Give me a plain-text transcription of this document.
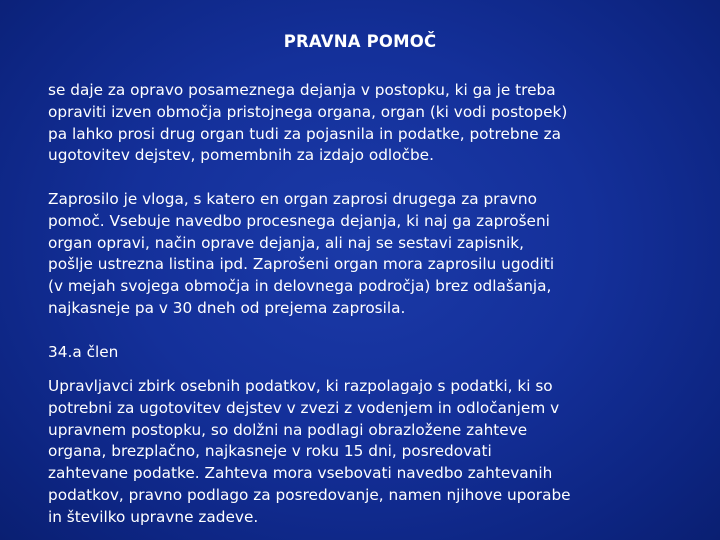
PRAVNA POMOČ
se daje za opravo posameznega dejanja v postopku, ki ga je treba
opraviti izven območja pristojnega organa, organ (ki vodi postopek)
pa lahko prosi drug organ tudi za pojasnila in podatke, potrebne za
ugotovitev dejstev, pomembnih za izdajo odločbe.
Zaprosilo je vloga, s katero en organ zaprosi drugega za pravno
pomoč. Vsebuje navedbo procesnega dejanja, ki naj ga zaprošeni
organ opravi, način oprave dejanja, ali naj se sestavi zapisnik,
pošlje ustrezna listina ipd. Zaprošeni organ mora zaprosilu ugoditi
(v mejah svojega območja in delovnega področja) brez odlašanja,
najkasneje pa v 30 dneh od prejema zaprosila.
34.a člen
Upravljavci zbirk osebnih podatkov, ki razpolagajo s podatki, ki so
potrebni za ugotovitev dejstev v zvezi z vodenjem in odločanjem v
upravnem postopku, so dolžni na podlagi obrazložene zahteve
organa, brezplačno, najkasneje v roku 15 dni, posredovati
zahtevane podatke. Zahteva mora vsebovati navedbo zahtevanih
podatkov, pravno podlago za posredovanje, namen njihove uporabe
in številko upravne zadeve.
